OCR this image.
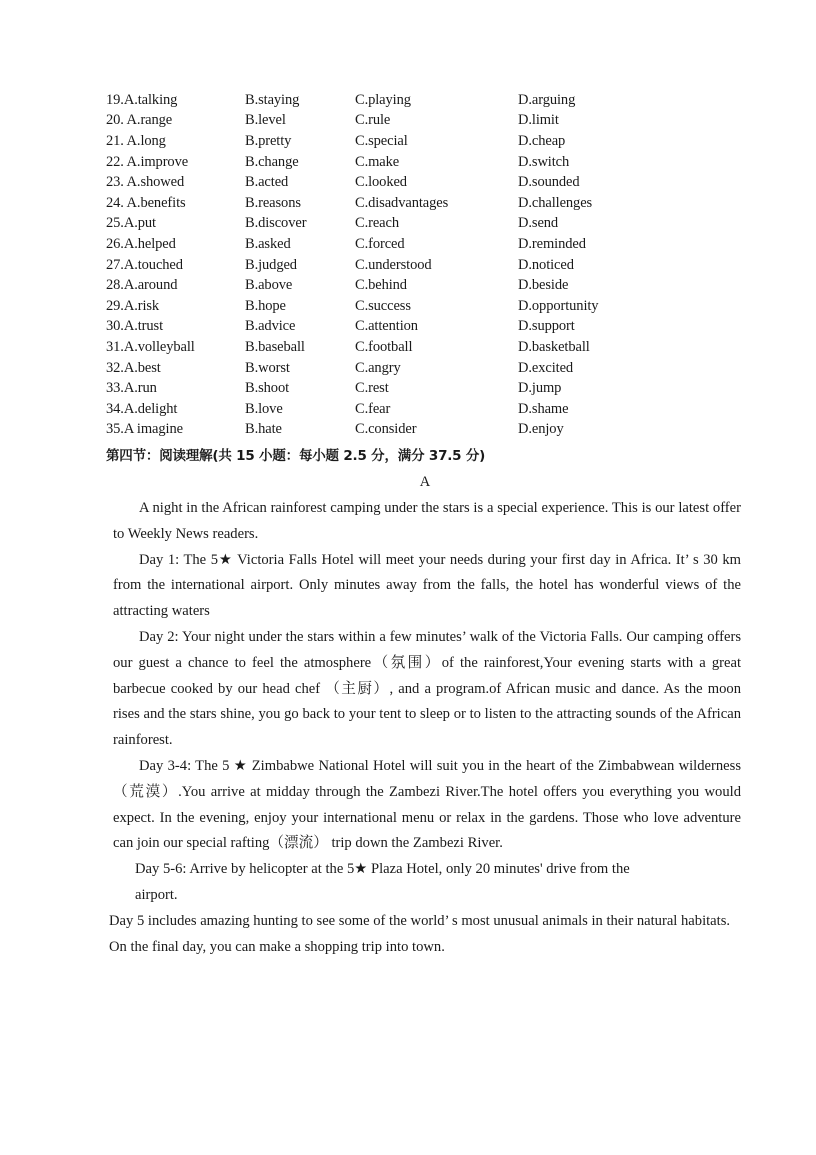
19.A.talking	B.staying	C.playing	D.arguing
20. A.range	B.level	C.rule	D.limit
21. A.long	B.pretty	C.special	D.cheap
22. A.improve	B.change	C.make	D.switch
23. A.showed	B.acted	C.looked	D.sounded
24. A.benefits	B.reasons	C.disadvantages	D.challenges
25.A.put	B.discover	C.reach	D.send
26.A.helped	B.asked	C.forced	D.reminded
27.A.touched	B.judged	C.understood	D.noticed
28.A.around	B.above	C.behind	D.beside
29.A.risk	B.hope	C.success	D.opportunity
30.A.trust	B.advice	C.attention	D.support
31.A.volleyball	B.baseball	C.football	D.basketball
32.A.best	B.worst	C.angry	D.excited
33.A.run	B.shoot	C.rest	D.jump
34.A.delight	B.love	C.fear	D.shame
35.A imagine	B.hate	C.consider	D.enjoy
第四节：阅读理解(共 15 小题：每小题 2.5 分，满分 37.5 分)
A

A night in the African rainforest camping under the stars is a special experience. This is our latest offer to Weekly News readers.

Day 1: The 5★ Victoria Falls Hotel will meet your needs during your first day in Africa. It’ s 30 km from the international airport. Only minutes away from the falls, the hotel has wonderful views of the attracting waters

Day 2: Your night under the stars within a few minutes’ walk of the Victoria Falls. Our camping offers our guest a chance to feel the atmosphere（氛围）of the rainforest,Your evening starts with a great barbecue cooked by our head chef （主厨）, and a program.of African music and dance. As the moon rises and the stars shine, you go back to your tent to sleep or to listen to the attracting sounds of the African rainforest.

Day 3-4: The 5 ★ Zimbabwe National Hotel will suit you in the heart of the Zimbabwean wilderness（荒漠）.You arrive at midday through the Zambezi River.The hotel offers you everything you would expect. In the evening, enjoy your international menu or relax in the gardens. Those who love adventure can join our special rafting（漂流） trip down the Zambezi River.

Day 5-6: Arrive by helicopter at the 5★ Plaza Hotel, only 20 minutes' drive from the

airport.

Day 5 includes amazing hunting to see some of the world’ s most unusual animals in their natural habitats.

On the final day, you can make a shopping trip into town.
